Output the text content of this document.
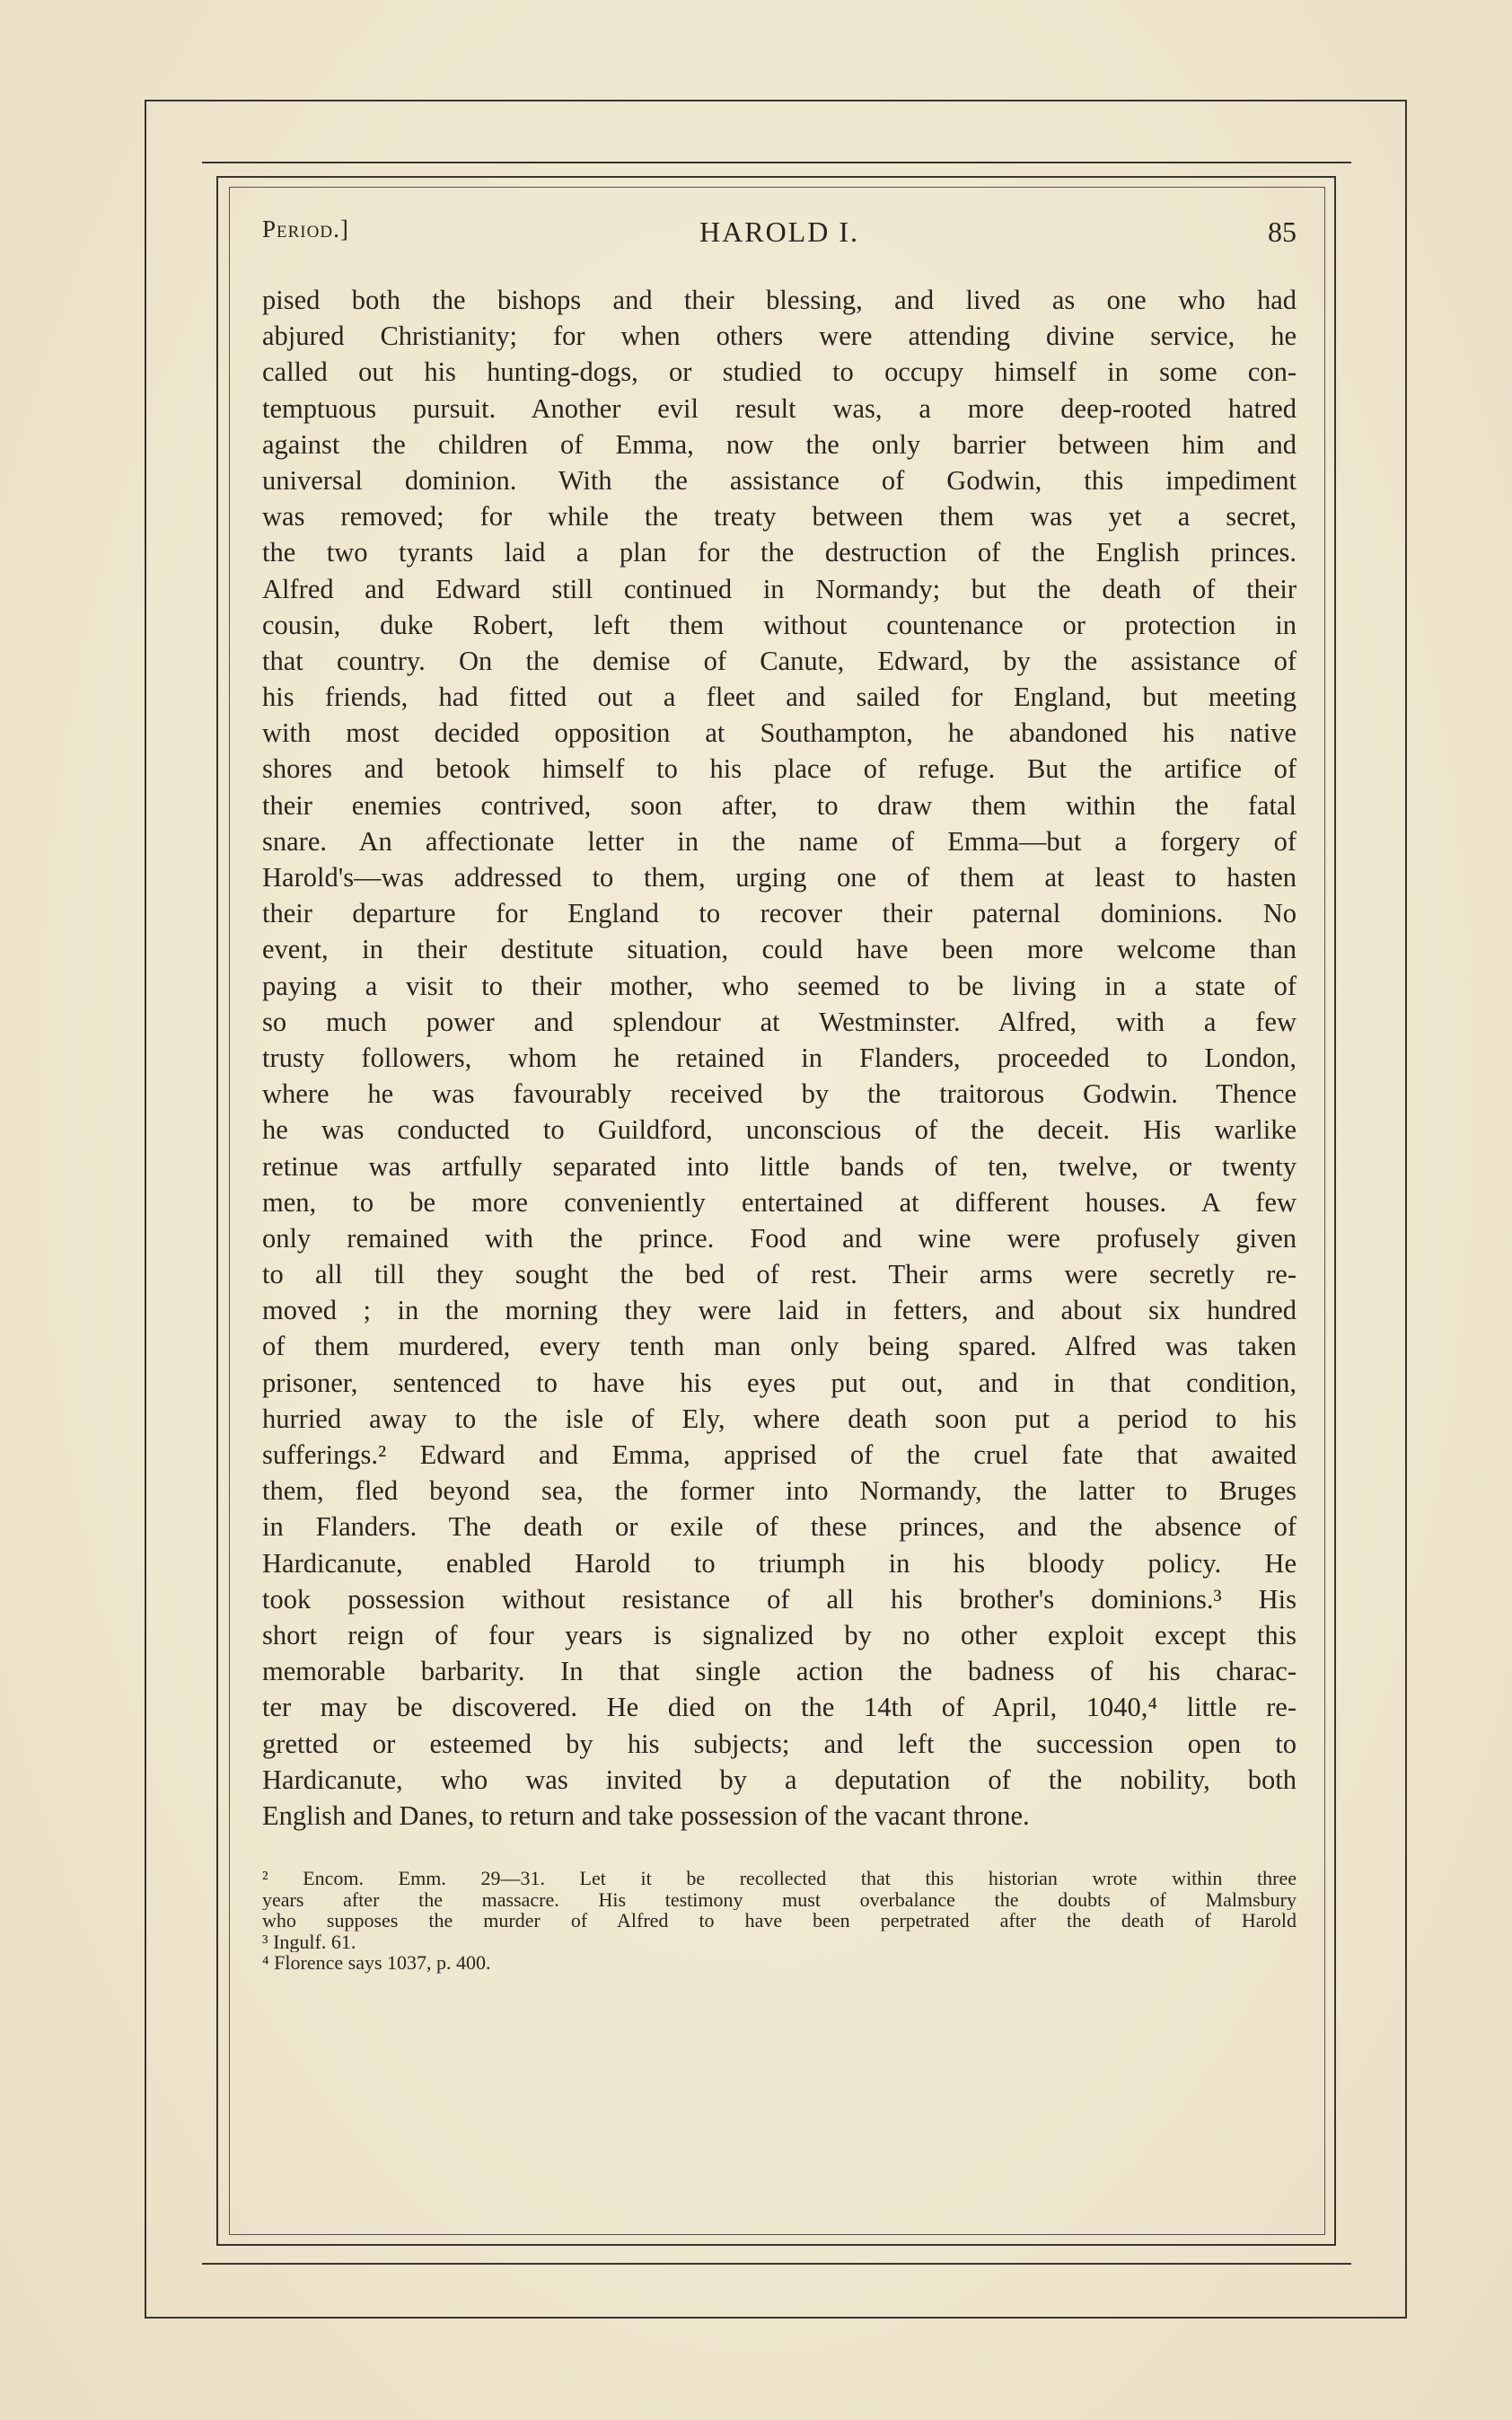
Period.]	HAROLD I.	85
pised both the bishops and their blessing, and lived as one who had
abjured Christianity; for when others were attending divine service, he
called out his hunting-dogs, or studied to occupy himself in some con-
temptuous pursuit. Another evil result was, a more deep-rooted hatred
against the children of Emma, now the only barrier between him and
universal dominion. With the assistance of Godwin, this impediment
was removed; for while the treaty between them was yet a secret,
the two tyrants laid a plan for the destruction of the English princes.
Alfred and Edward still continued in Normandy; but the death of their
cousin, duke Robert, left them without countenance or protection in
that country. On the demise of Canute, Edward, by the assistance of
his friends, had fitted out a fleet and sailed for England, but meeting
with most decided opposition at Southampton, he abandoned his native
shores and betook himself to his place of refuge. But the artifice of
their enemies contrived, soon after, to draw them within the fatal
snare. An affectionate letter in the name of Emma—but a forgery of
Harold's—was addressed to them, urging one of them at least to hasten
their departure for England to recover their paternal dominions. No
event, in their destitute situation, could have been more welcome than
paying a visit to their mother, who seemed to be living in a state of
so much power and splendour at Westminster. Alfred, with a few
trusty followers, whom he retained in Flanders, proceeded to London,
where he was favourably received by the traitorous Godwin. Thence
he was conducted to Guildford, unconscious of the deceit. His warlike
retinue was artfully separated into little bands of ten, twelve, or twenty
men, to be more conveniently entertained at different houses. A few
only remained with the prince. Food and wine were profusely given
to all till they sought the bed of rest. Their arms were secretly re-
moved ; in the morning they were laid in fetters, and about six hundred
of them murdered, every tenth man only being spared. Alfred was taken
prisoner, sentenced to have his eyes put out, and in that condition,
hurried away to the isle of Ely, where death soon put a period to his
sufferings.² Edward and Emma, apprised of the cruel fate that awaited
them, fled beyond sea, the former into Normandy, the latter to Bruges
in Flanders. The death or exile of these princes, and the absence of
Hardicanute, enabled Harold to triumph in his bloody policy. He
took possession without resistance of all his brother's dominions.³ His
short reign of four years is signalized by no other exploit except this
memorable barbarity. In that single action the badness of his charac-
ter may be discovered. He died on the 14th of April, 1040,⁴ little re-
gretted or esteemed by his subjects; and left the succession open to
Hardicanute, who was invited by a deputation of the nobility, both
English and Danes, to return and take possession of the vacant throne.
² Encom. Emm. 29—31. Let it be recollected that this historian wrote within three
years after the massacre. His testimony must overbalance the doubts of Malmsbury
who supposes the murder of Alfred to have been perpetrated after the death of Harold
³ Ingulf. 61.
⁴ Florence says 1037, p. 400.
